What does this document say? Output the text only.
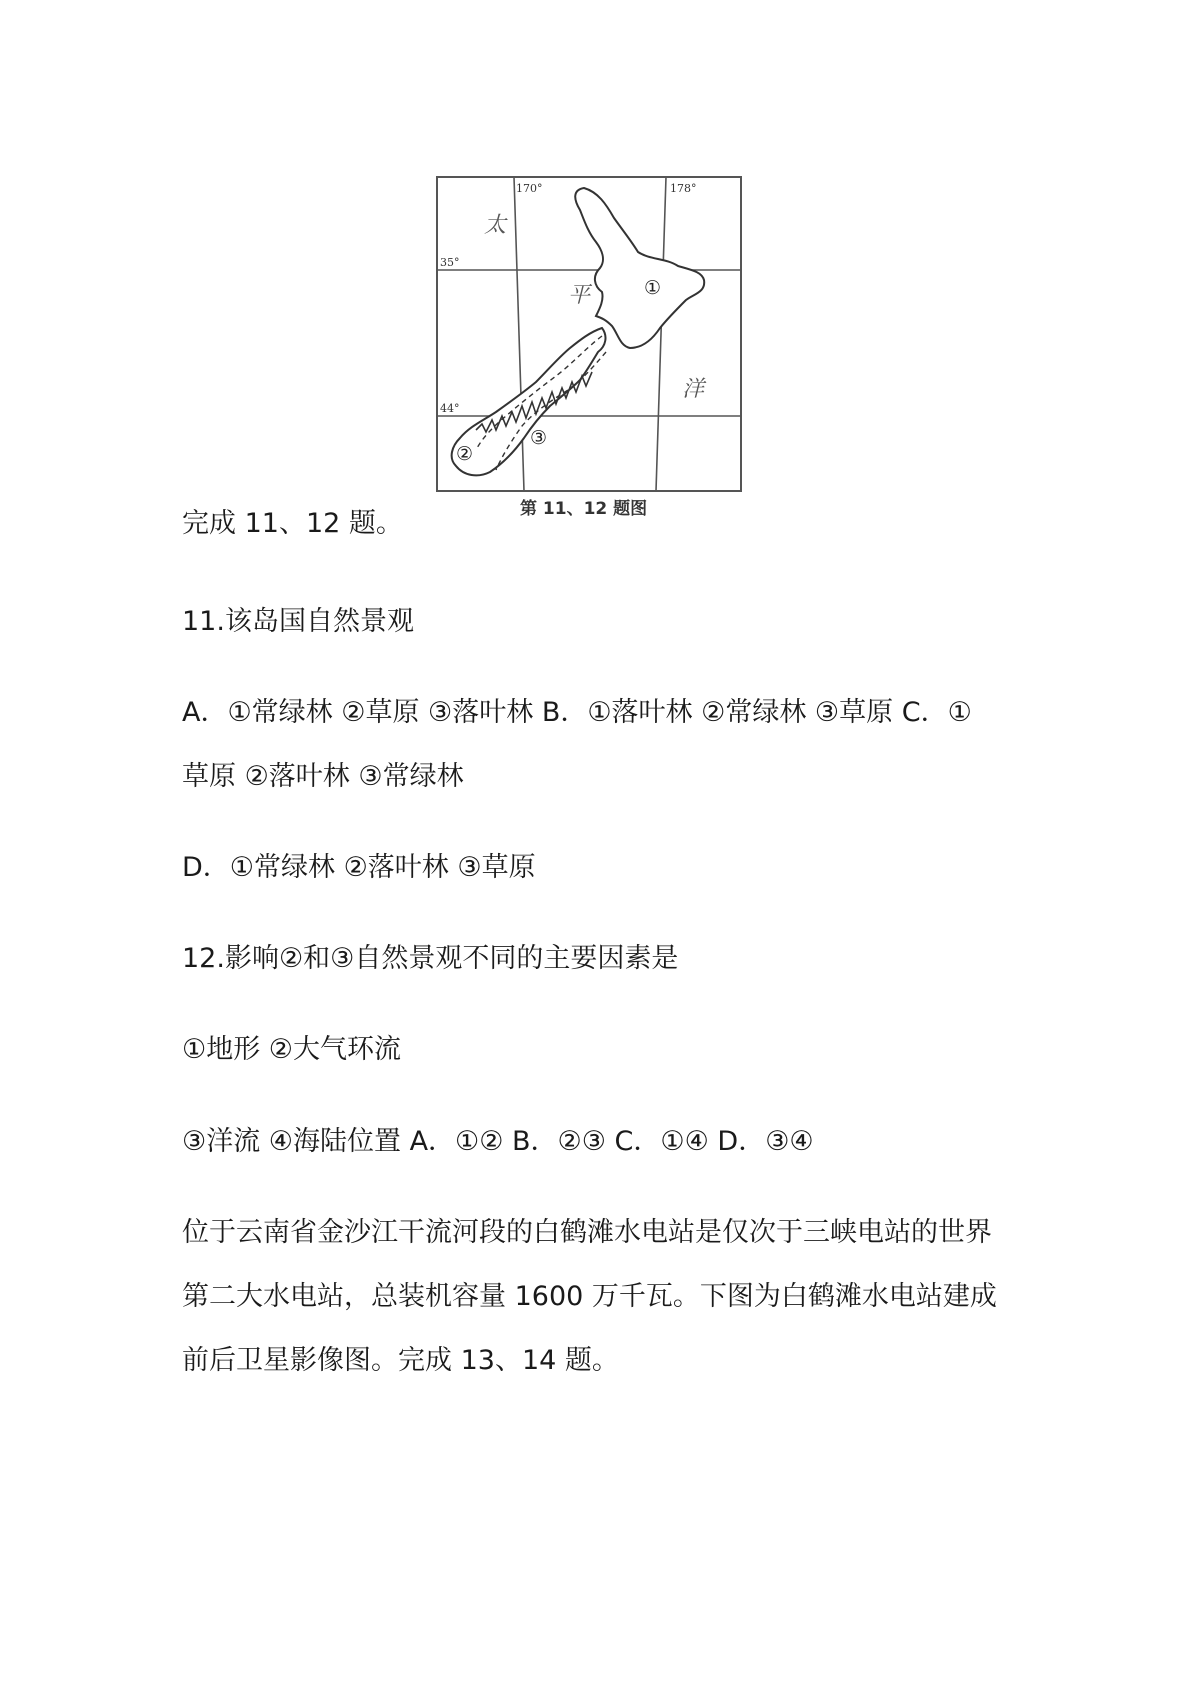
170°	178°
35°
44°
太
平
洋
①
②
③
第 11、12 题图
完成 11、12 题。
11.该岛国自然景观
A．①常绿林 ②草原 ③落叶林 B．①落叶林 ②常绿林 ③草原 C．①
草原 ②落叶林 ③常绿林
D．①常绿林 ②落叶林 ③草原
12.影响②和③自然景观不同的主要因素是
①地形 ②大气环流
③洋流 ④海陆位置 A．①② B．②③ C．①④ D．③④
位于云南省金沙江干流河段的白鹤滩水电站是仅次于三峡电站的世界
第二大水电站，总装机容量 1600 万千瓦。下图为白鹤滩水电站建成
前后卫星影像图。完成 13、14 题。
